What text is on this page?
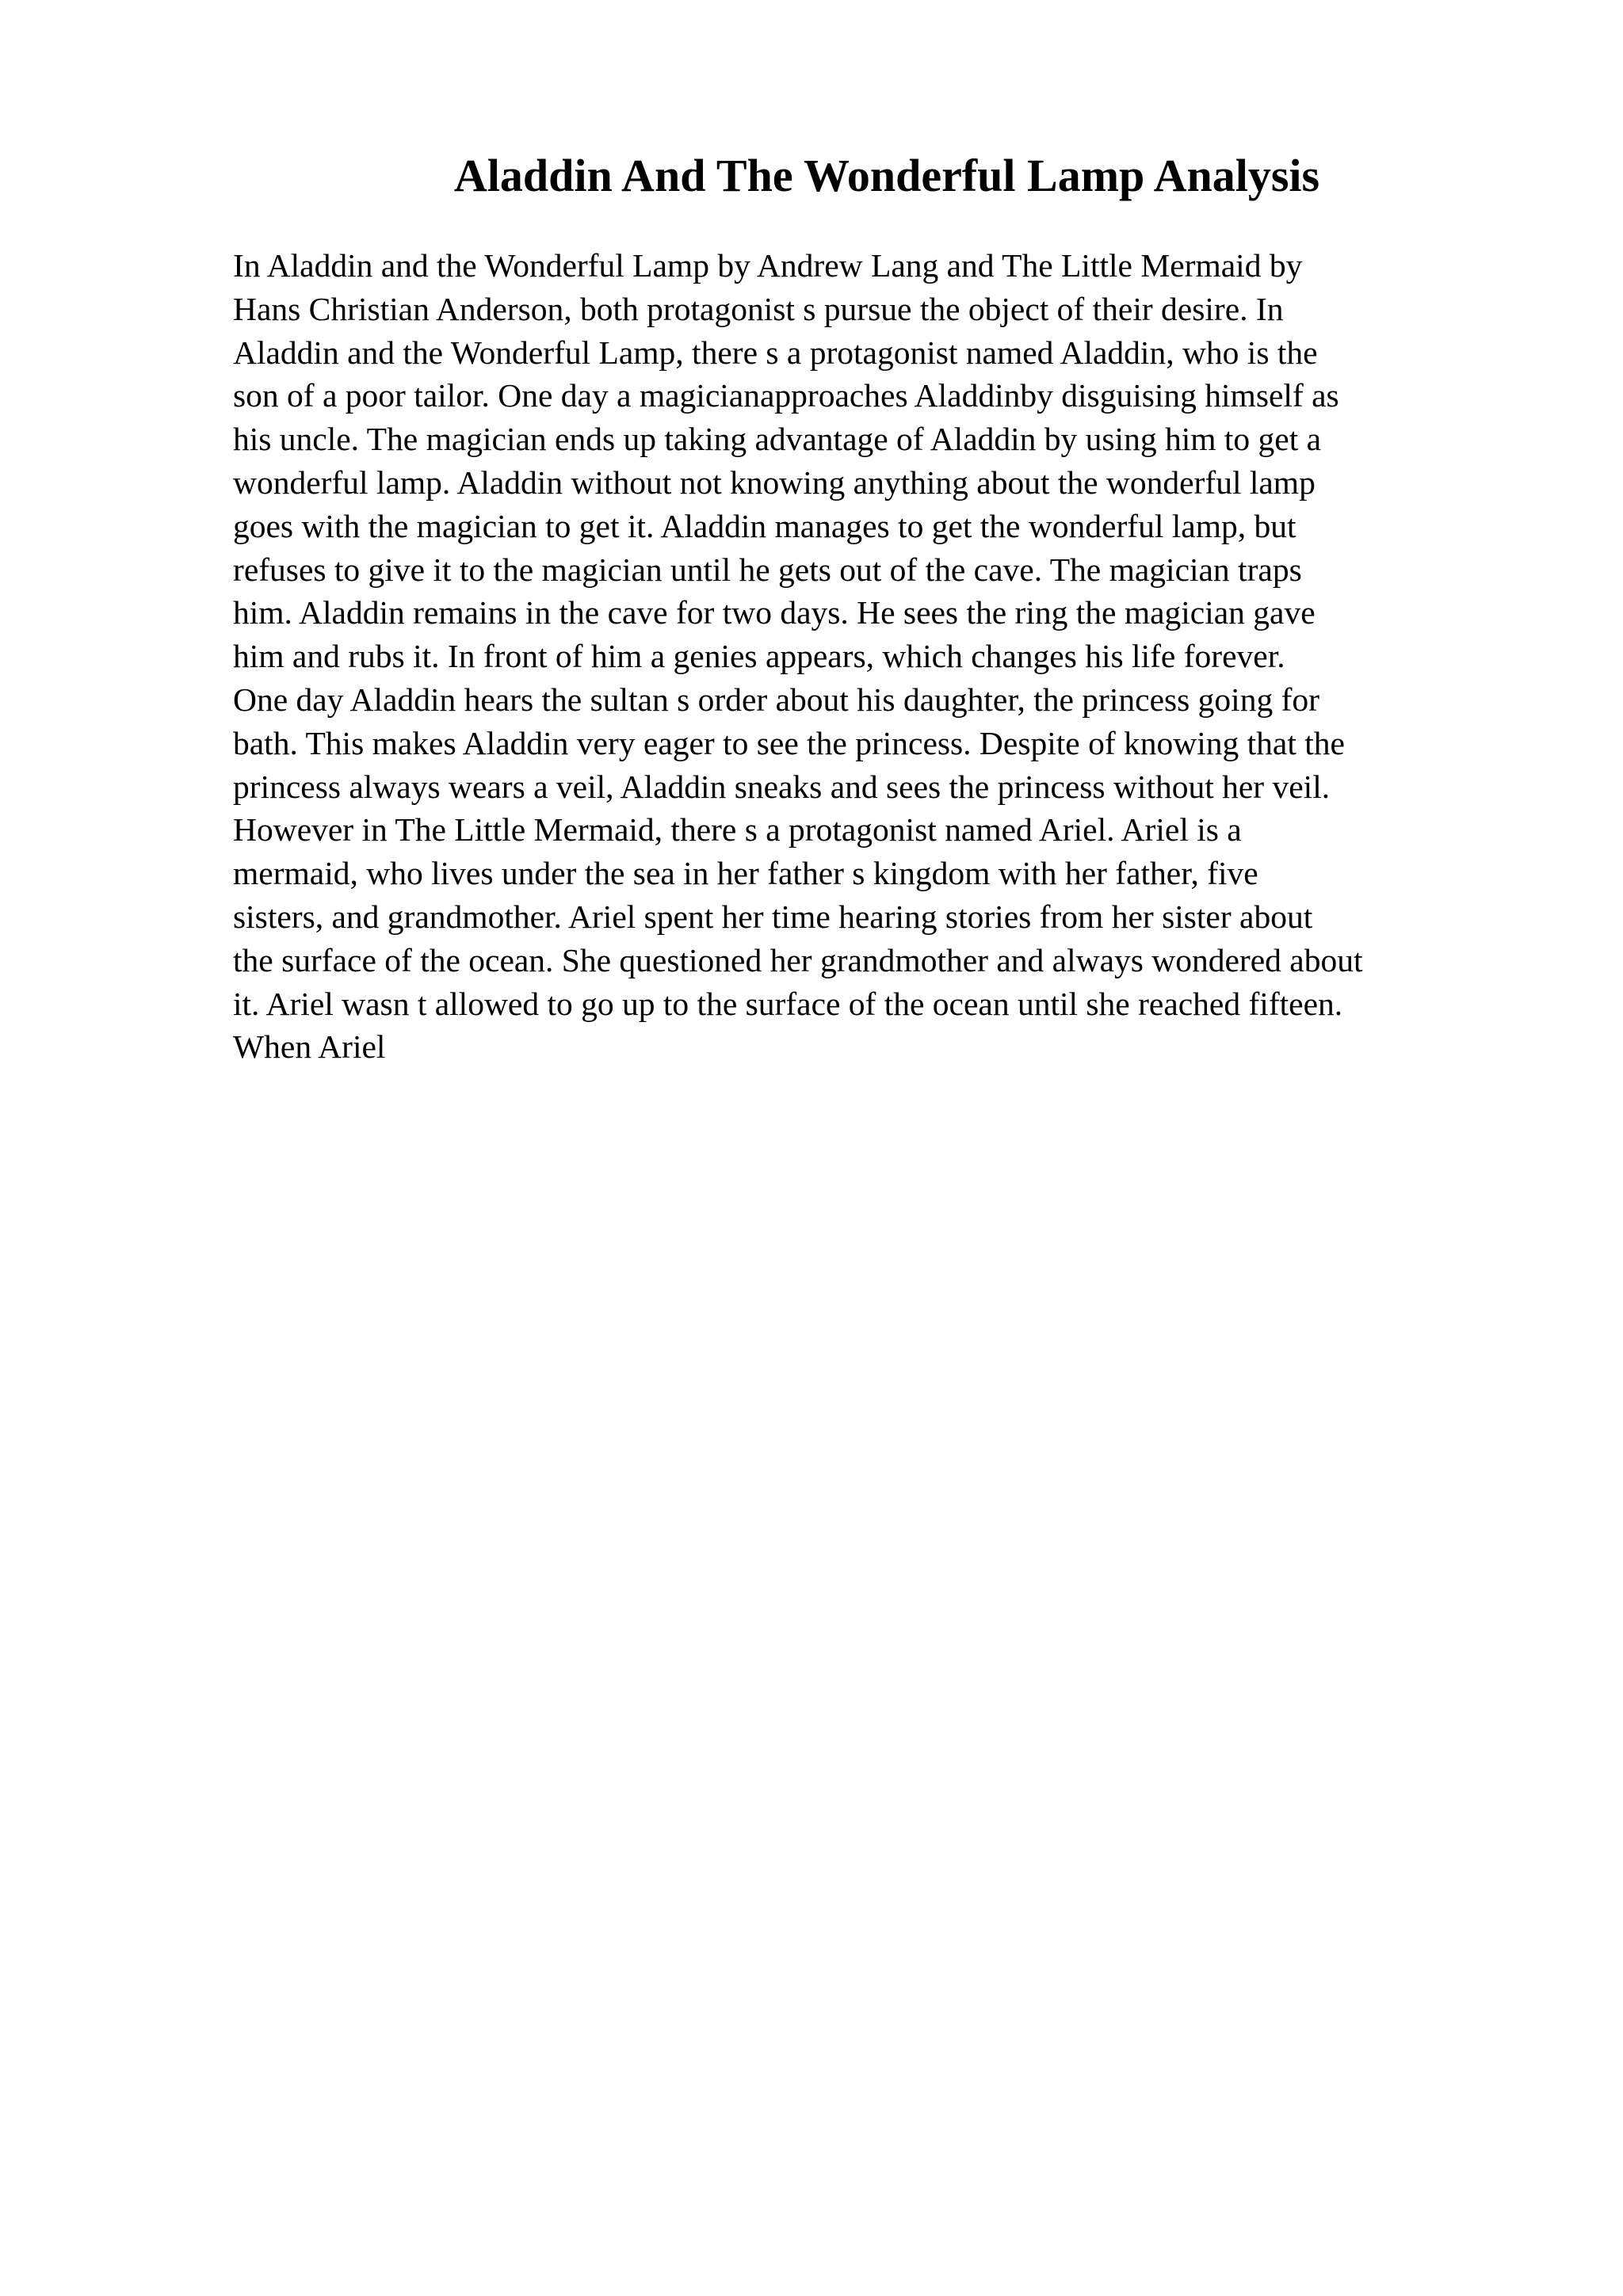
Aladdin And The Wonderful Lamp Analysis
In Aladdin and the Wonderful Lamp by Andrew Lang and The Little Mermaid by
Hans Christian Anderson, both protagonist s pursue the object of their desire. In
Aladdin and the Wonderful Lamp, there s a protagonist named Aladdin, who is the
son of a poor tailor. One day a magicianapproaches Aladdinby disguising himself as
his uncle. The magician ends up taking advantage of Aladdin by using him to get a
wonderful lamp. Aladdin without not knowing anything about the wonderful lamp
goes with the magician to get it. Aladdin manages to get the wonderful lamp, but
refuses to give it to the magician until he gets out of the cave. The magician traps
him. Aladdin remains in the cave for two days. He sees the ring the magician gave
him and rubs it. In front of him a genies appears, which changes his life forever.
One day Aladdin hears the sultan s order about his daughter, the princess going for
bath. This makes Aladdin very eager to see the princess. Despite of knowing that the
princess always wears a veil, Aladdin sneaks and sees the princess without her veil.
However in The Little Mermaid, there s a protagonist named Ariel. Ariel is a
mermaid, who lives under the sea in her father s kingdom with her father, five
sisters, and grandmother. Ariel spent her time hearing stories from her sister about
the surface of the ocean. She questioned her grandmother and always wondered about
it. Ariel wasn t allowed to go up to the surface of the ocean until she reached fifteen.
When Ariel
